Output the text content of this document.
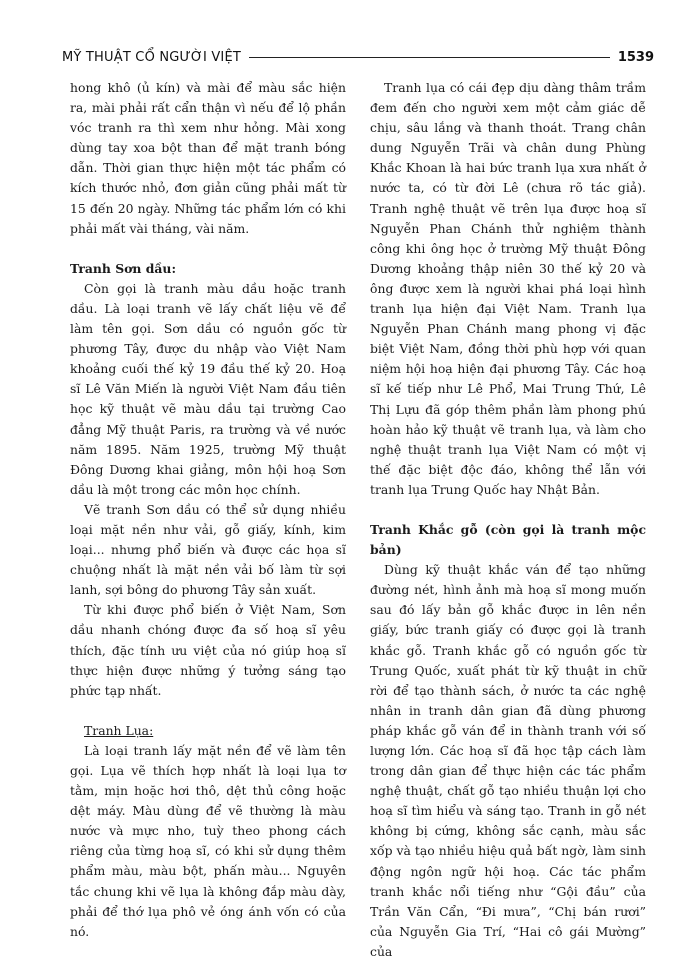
MỸ THUẬT CỔ NGƯỜI VIỆT	1539

hong khô (ủ kín) và mài để màu sắc hiện ra, mài phải rất cẩn thận vì nếu để lộ phần vóc tranh ra thì xem như hỏng. Mài xong dùng tay xoa bột than để mặt tranh bóng dẫn. Thời gian thực hiện một tác phẩm có kích thước nhỏ, đơn giản cũng phải mất từ 15 đến 20 ngày. Những tác phẩm lớn có khi phải mất vài tháng, vài năm.

Tranh Sơn dầu:

Còn gọi là tranh màu dầu hoặc tranh dầu. Là loại tranh vẽ lấy chất liệu vẽ để làm tên gọi. Sơn dầu có nguồn gốc từ phương Tây, được du nhập vào Việt Nam khoảng cuối thế kỷ 19 đầu thế kỷ 20. Hoạ sĩ Lê Văn Miến là người Việt Nam đầu tiên học kỹ thuật vẽ màu dầu tại trường Cao đẳng Mỹ thuật Paris, ra trường và về nước năm 1895. Năm 1925, trường Mỹ thuật Đông Dương khai giảng, môn hội hoạ Sơn dầu là một trong các môn học chính.

Vẽ tranh Sơn dầu có thể sử dụng nhiều loại mặt nền như vải, gỗ giấy, kính, kim loại... nhưng phổ biến và được các họa sĩ chuộng nhất là mặt nền vải bố làm từ sợi lanh, sợi bông do phương Tây sản xuất.

Từ khi được phổ biến ở Việt Nam, Sơn dầu nhanh chóng được đa số hoạ sĩ yêu thích, đặc tính ưu việt của nó giúp hoạ sĩ thực hiện được những ý tưởng sáng tạo phức tạp nhất.

Tranh Lụa:

Là loại tranh lấy mặt nền để vẽ làm tên gọi. Lụa vẽ thích hợp nhất là loại lụa tơ tằm, mịn hoặc hơi thô, dệt thủ công hoặc dệt máy. Màu dùng để vẽ thường là màu nước và mực nho, tuỳ theo phong cách riêng của từng hoạ sĩ, có khi sử dụng thêm phẩm màu, màu bột, phấn màu... Nguyên tắc chung khi vẽ lụa là không đắp màu dày, phải để thớ lụa phô vẻ óng ánh vốn có của nó.

Tranh lụa có cái đẹp dịu dàng thâm trầm đem đến cho người xem một cảm giác dễ chịu, sâu lắng và thanh thoát. Trang chân dung Nguyễn Trãi và chân dung Phùng Khắc Khoan là hai bức tranh lụa xưa nhất ở nước ta, có từ đời Lê (chưa rõ tác giả). Tranh nghệ thuật vẽ trên lụa được hoạ sĩ Nguyễn Phan Chánh thử nghiệm thành công khi ông học ở trường Mỹ thuật Đông Dương khoảng thập niên 30 thế kỷ 20 và ông được xem là người khai phá loại hình tranh lụa hiện đại Việt Nam. Tranh lụa Nguyễn Phan Chánh mang phong vị đặc biệt Việt Nam, đồng thời phù hợp với quan niệm hội hoạ hiện đại phương Tây. Các hoạ sĩ kế tiếp như Lê Phổ, Mai Trung Thứ, Lê Thị Lựu đã góp thêm phần làm phong phú hoàn hảo kỹ thuật vẽ tranh lụa, và làm cho nghệ thuật tranh lụa Việt Nam có một vị thế đặc biệt độc đáo, không thể lẫn với tranh lụa Trung Quốc hay Nhật Bản.

Tranh Khắc gỗ (còn gọi là tranh mộc bản)

Dùng kỹ thuật khắc ván để tạo những đường nét, hình ảnh mà hoạ sĩ mong muốn sau đó lấy bản gỗ khắc được in lên nền giấy, bức tranh giấy có được gọi là tranh khắc gỗ. Tranh khắc gỗ có nguồn gốc từ Trung Quốc, xuất phát từ kỹ thuật in chữ rời để tạo thành sách, ở nước ta các nghệ nhân in tranh dân gian đã dùng phương pháp khắc gỗ ván để in thành tranh với số lượng lớn. Các hoạ sĩ đã học tập cách làm trong dân gian để thực hiện các tác phẩm nghệ thuật, chất gỗ tạo nhiều thuận lợi cho hoạ sĩ tìm hiểu và sáng tạo. Tranh in gỗ nét không bị cứng, không sắc cạnh, màu sắc xốp và tạo nhiều hiệu quả bất ngờ, làm sinh động ngôn ngữ hội hoạ. Các tác phẩm tranh khắc nổi tiếng như “Gội đầu” của Trần Văn Cẩn, “Đi mưa”, “Chị bán rươi” của Nguyễn Gia Trí, “Hai cô gái Mường” của
